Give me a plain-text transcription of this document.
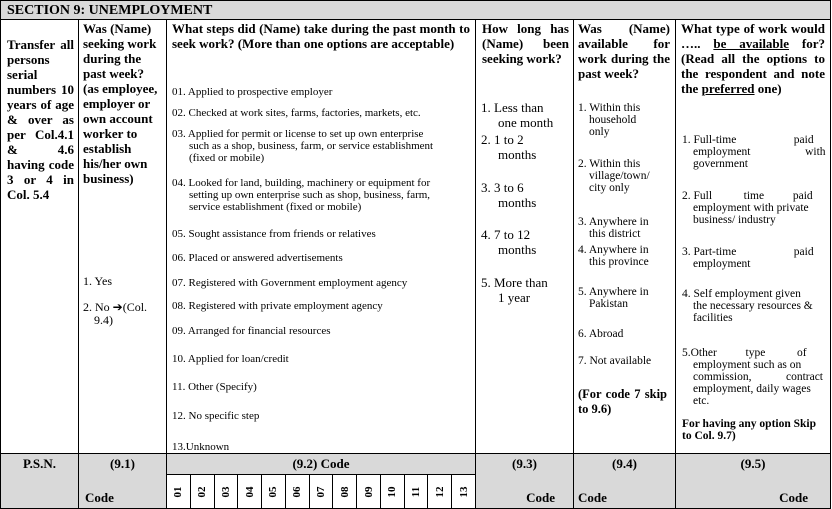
SECTION 9: UNEMPLOYMENT
Transfer all persons serial numbers 10 years of age & over as per Col.4.1 & 4.6 having code 3 or 4 in Col. 5.4
Was (Name) seeking work during the past week? (as employee, employer or own account worker to establish his/her own business)
1. Yes
2. No ➔(Col.

9.4)
What steps did (Name) take during the past month to seek work? (More than one options are acceptable)
01. Applied to prospective employer
02. Checked at work sites, farms, factories, markets, etc.
03. Applied for permit or license to set up own enterprise

such as a shop, business, farm, or service establishment
(fixed or mobile)
04. Looked for land, building, machinery or equipment for

setting up own enterprise such as shop, business, farm,
service establishment (fixed or mobile)
05. Sought assistance from friends or relatives
06. Placed or answered advertisements
07. Registered with Government employment agency
08. Registered with private employment agency
09. Arranged for financial resources
10. Applied for loan/credit
11. Other (Specify)
12. No specific step
13.Unknown
How long has (Name) been seeking work?
1. Less than

one month
2. 1 to 2

months
3. 3 to 6

months
4. 7 to 12

months
5. More than

1 year
Was (Name) available for work during the past week?
1. Within this

household
only
2. Within this

village/town/
city only
3. Anywhere in

this district
4. Anywhere in

this province
5. Anywhere in

Pakistan
6. Abroad
7. Not available
(For code 7 skip to 9.6)
What type of work would ….. be available for? (Read all the options to the respondent and note the preferred one)
1. Full-time                    paid

employment                   with
government
2. Full           time          paid

employment with private
business/ industry
3. Part-time                    paid

employment
4. Self employment given

the necessary resources &
facilities
5.Other          type           of

employment such as on
commission,            contract
employment, daily wages
etc.
For having any option Skip to Col. 9.7)
P.S.N.	(9.1)
Code
(9.2) Code
01 02 03 04 05 06 07 08 09 10 11 12 13
(9.3)
Code
(9.4)
Code
(9.5)
Code
